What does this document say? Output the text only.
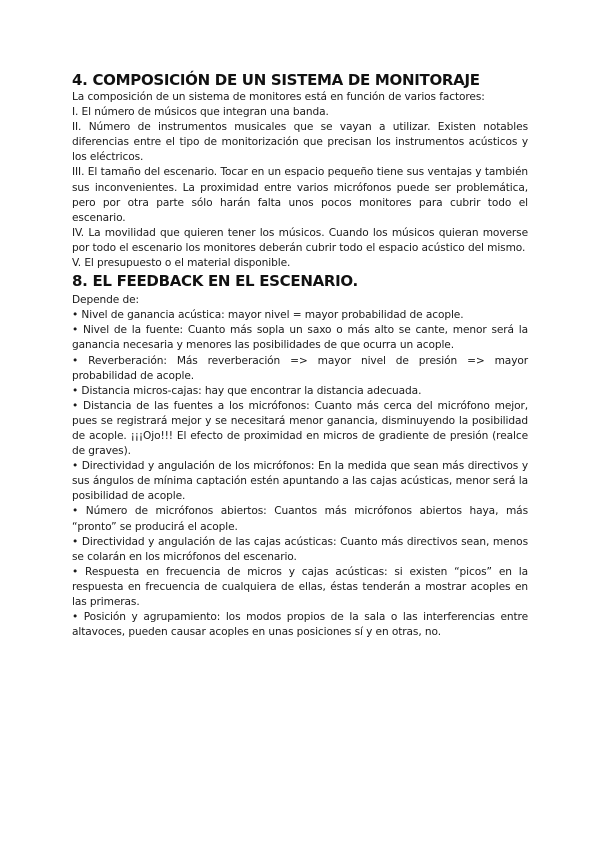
4. COMPOSICIÓN DE UN SISTEMA DE MONITORAJE

La composición de un sistema de monitores está en función de varios factores:

I. El número de músicos que integran una banda.

II. Número de instrumentos musicales que se vayan a utilizar. Existen notables diferencias entre el tipo de monitorización que precisan los instrumentos acústicos y los eléctricos.

III. El tamaño del escenario. Tocar en un espacio pequeño tiene sus ventajas y también sus inconvenientes. La proximidad entre varios micrófonos puede ser problemática, pero por otra parte sólo harán falta unos pocos monitores para cubrir todo el escenario.

IV. La movilidad que quieren tener los músicos. Cuando los músicos quieran moverse por todo el escenario los monitores deberán cubrir todo el espacio acústico del mismo.

V. El presupuesto o el material disponible.

8. EL FEEDBACK EN EL ESCENARIO.

Depende de:

• Nivel de ganancia acústica: mayor nivel = mayor probabilidad de acople.

• Nivel de la fuente: Cuanto más sopla un saxo o más alto se cante, menor será la ganancia necesaria y menores las posibilidades de que ocurra un acople.

• Reverberación: Más reverberación => mayor nivel de presión => mayor probabilidad de acople.

• Distancia micros-cajas: hay que encontrar la distancia adecuada.

• Distancia de las fuentes a los micrófonos: Cuanto más cerca del micrófono mejor, pues se registrará mejor y se necesitará menor ganancia, disminuyendo la posibilidad de acople. ¡¡¡Ojo!!! El efecto de proximidad en micros de gradiente de presión (realce de graves).

• Directividad y angulación de los micrófonos: En la medida que sean más directivos y sus ángulos de mínima captación estén apuntando a las cajas acústicas, menor será la posibilidad de acople.

• Número de micrófonos abiertos: Cuantos más micrófonos abiertos haya, más “pronto” se producirá el acople.

• Directividad y angulación de las cajas acústicas: Cuanto más directivos sean, menos se colarán en los micrófonos del escenario.

• Respuesta en frecuencia de micros y cajas acústicas: si existen “picos” en la respuesta en frecuencia de cualquiera de ellas, éstas tenderán a mostrar acoples en las primeras.

• Posición y agrupamiento: los modos propios de la sala o las interferencias entre altavoces, pueden causar acoples en unas posiciones sí y en otras, no.
